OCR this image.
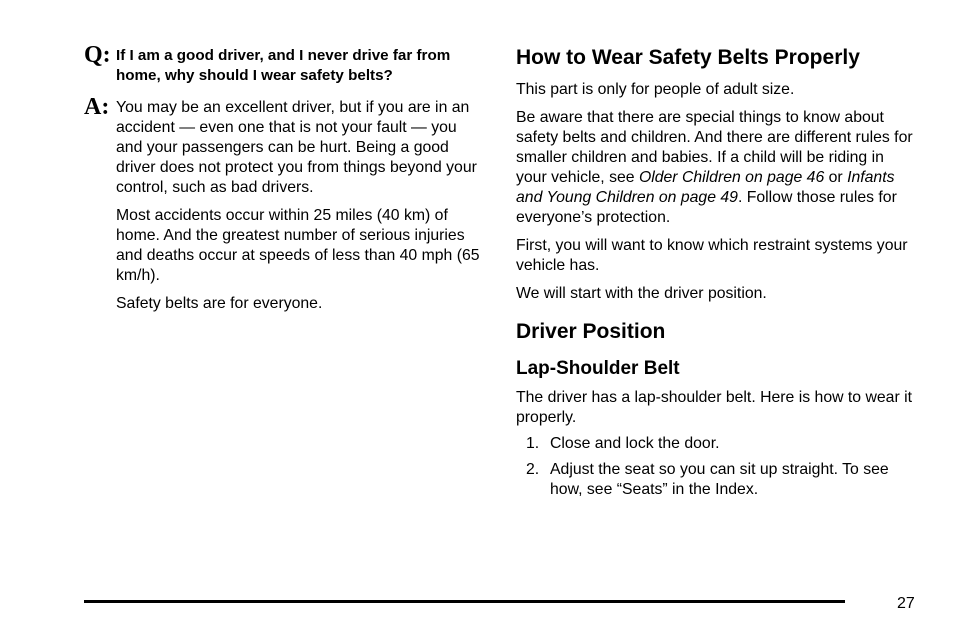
Q: If I am a good driver, and I never drive far from home, why should I wear safety belts?
A: You may be an excellent driver, but if you are in an accident — even one that is not your fault — you and your passengers can be hurt. Being a good driver does not protect you from things beyond your control, such as bad drivers.

Most accidents occur within 25 miles (40 km) of home. And the greatest number of serious injuries and deaths occur at speeds of less than 40 mph (65 km/h).

Safety belts are for everyone.

How to Wear Safety Belts Properly

This part is only for people of adult size.

Be aware that there are special things to know about safety belts and children. And there are different rules for smaller children and babies. If a child will be riding in your vehicle, see Older Children on page 46 or Infants and Young Children on page 49. Follow those rules for everyone’s protection.

First, you will want to know which restraint systems your vehicle has.

We will start with the driver position.

Driver Position
Lap-Shoulder Belt

The driver has a lap-shoulder belt. Here is how to wear it properly.

1. Close and lock the door.
2. Adjust the seat so you can sit up straight. To see how, see “Seats” in the Index.
27
